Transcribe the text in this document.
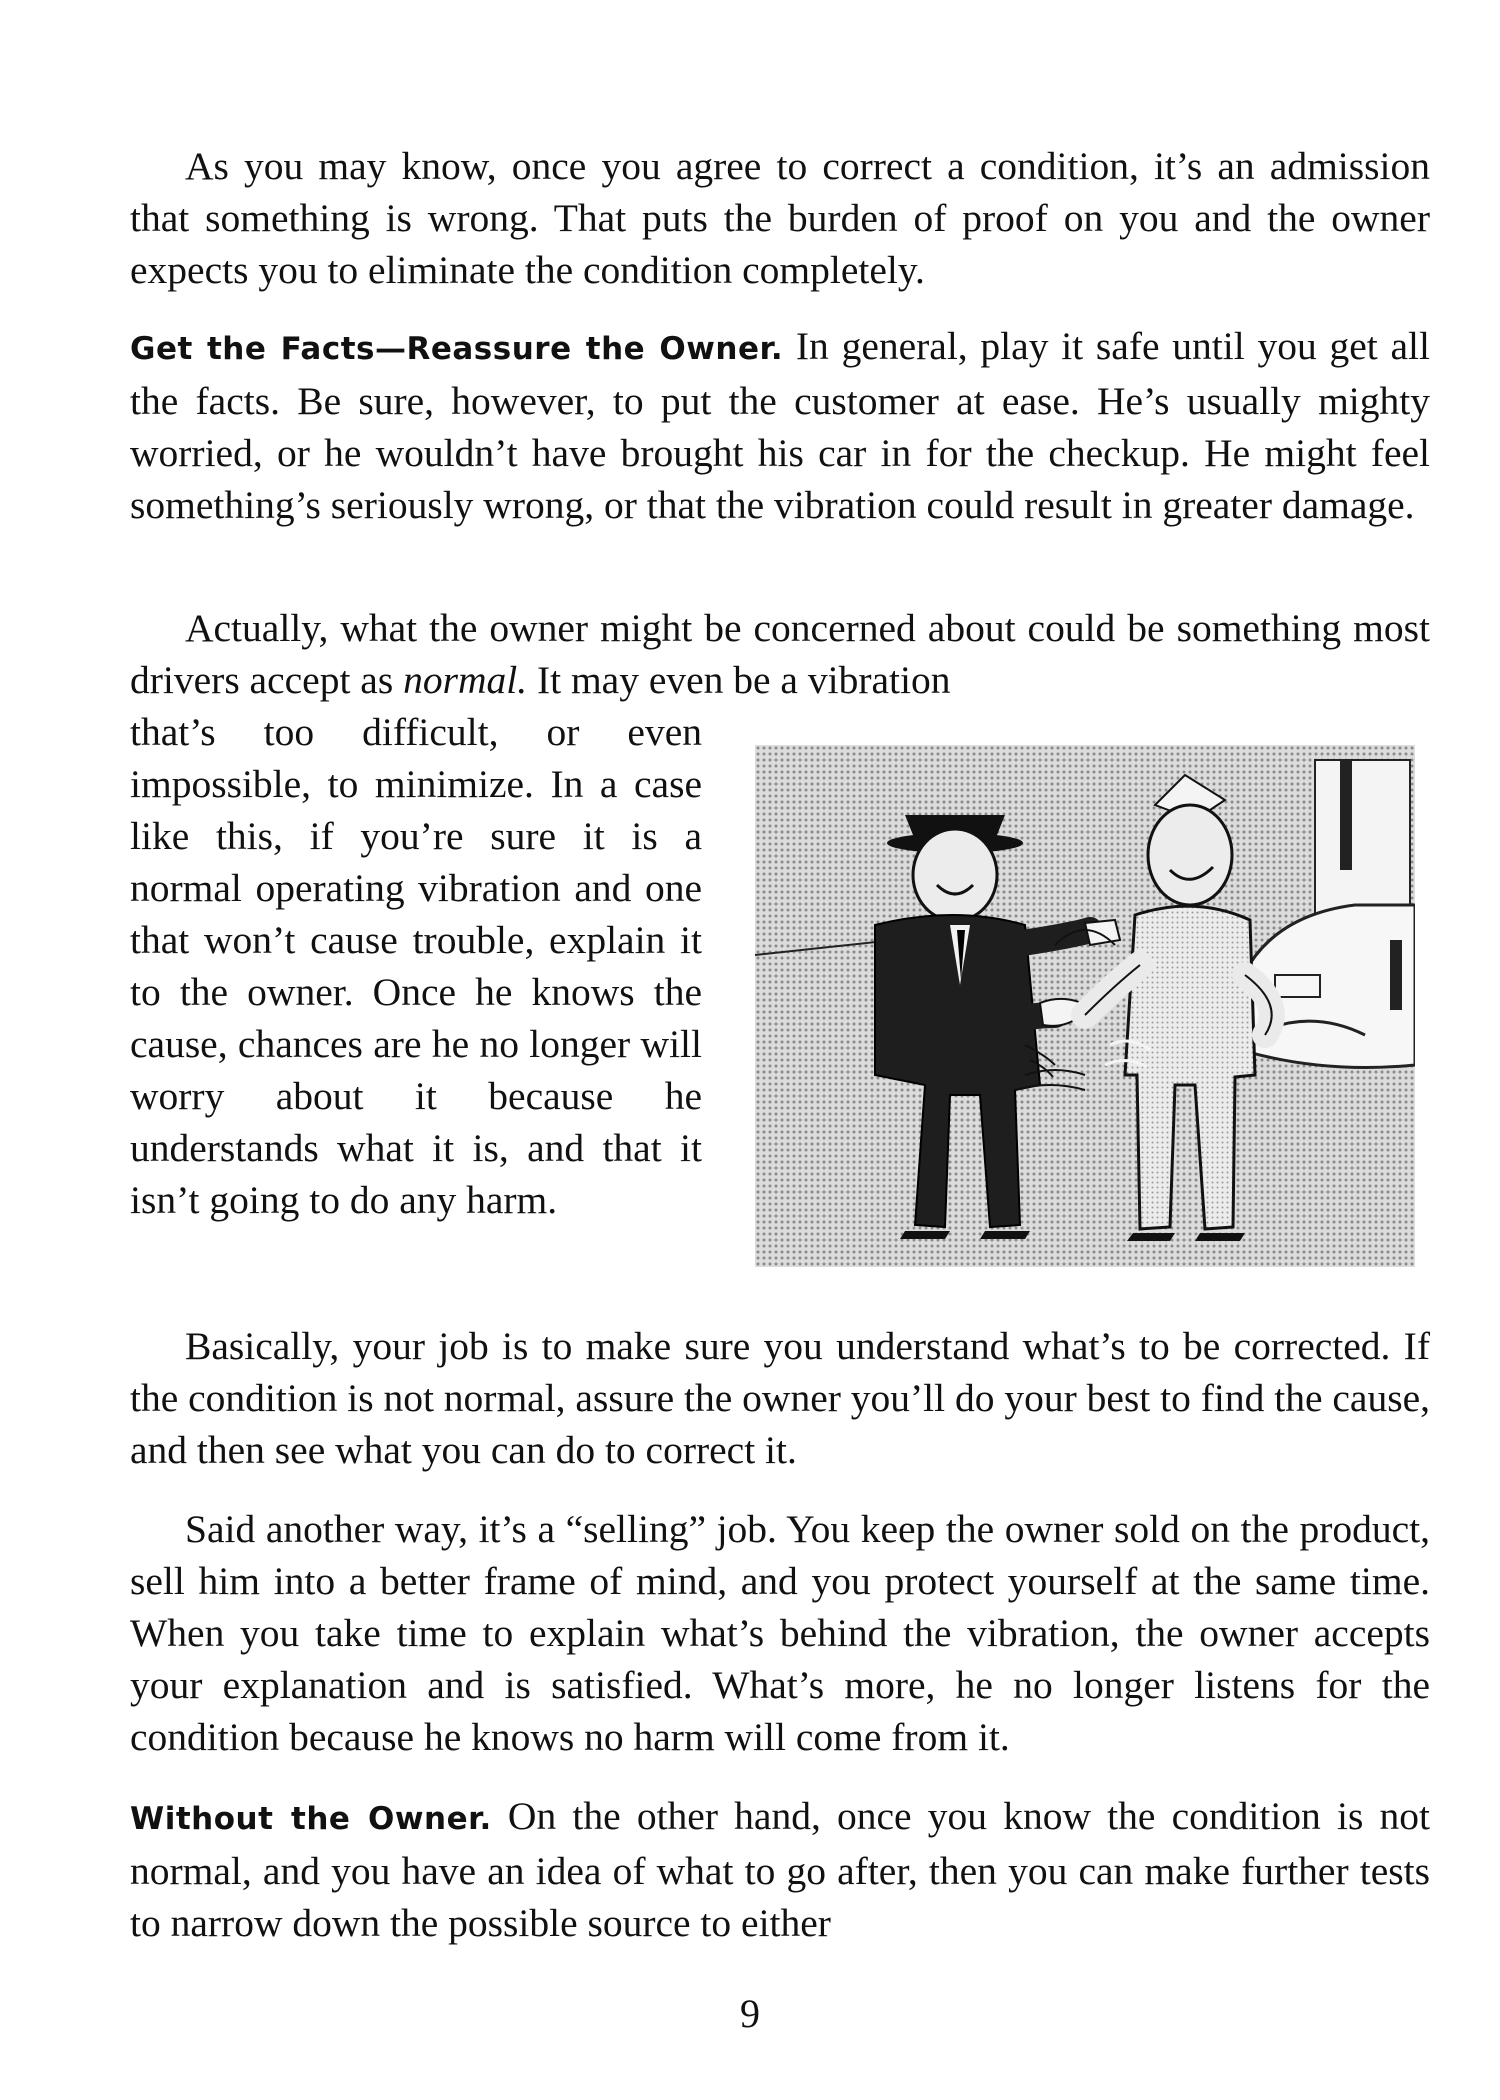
As you may know, once you agree to correct a condition, it’s an admission that something is wrong. That puts the burden of proof on you and the owner expects you to eliminate the condition completely.

Get the Facts—Reassure the Owner. In general, play it safe until you get all the facts. Be sure, however, to put the customer at ease. He’s usually mighty worried, or he wouldn’t have brought his car in for the checkup. He might feel something’s seriously wrong, or that the vibration could result in greater damage.

Actually, what the owner might be concerned about could be something most drivers accept as normal. It may even be a vibration

that’s too difficult, or even impossible, to minimize. In a case like this, if you’re sure it is a normal operating vibration and one that won’t cause trouble, explain it to the owner. Once he knows the cause, chances are he no longer will worry about it because he understands what it is, and that it isn’t going to do any harm.

Basically, your job is to make sure you understand what’s to be corrected. If the condition is not normal, assure the owner you’ll do your best to find the cause, and then see what you can do to correct it.

Said another way, it’s a “selling” job. You keep the owner sold on the product, sell him into a better frame of mind, and you protect yourself at the same time. When you take time to explain what’s behind the vibration, the owner accepts your explanation and is satisfied. What’s more, he no longer listens for the condition because he knows no harm will come from it.

Without the Owner. On the other hand, once you know the condition is not normal, and you have an idea of what to go after, then you can make further tests to narrow down the possible source to either

9
